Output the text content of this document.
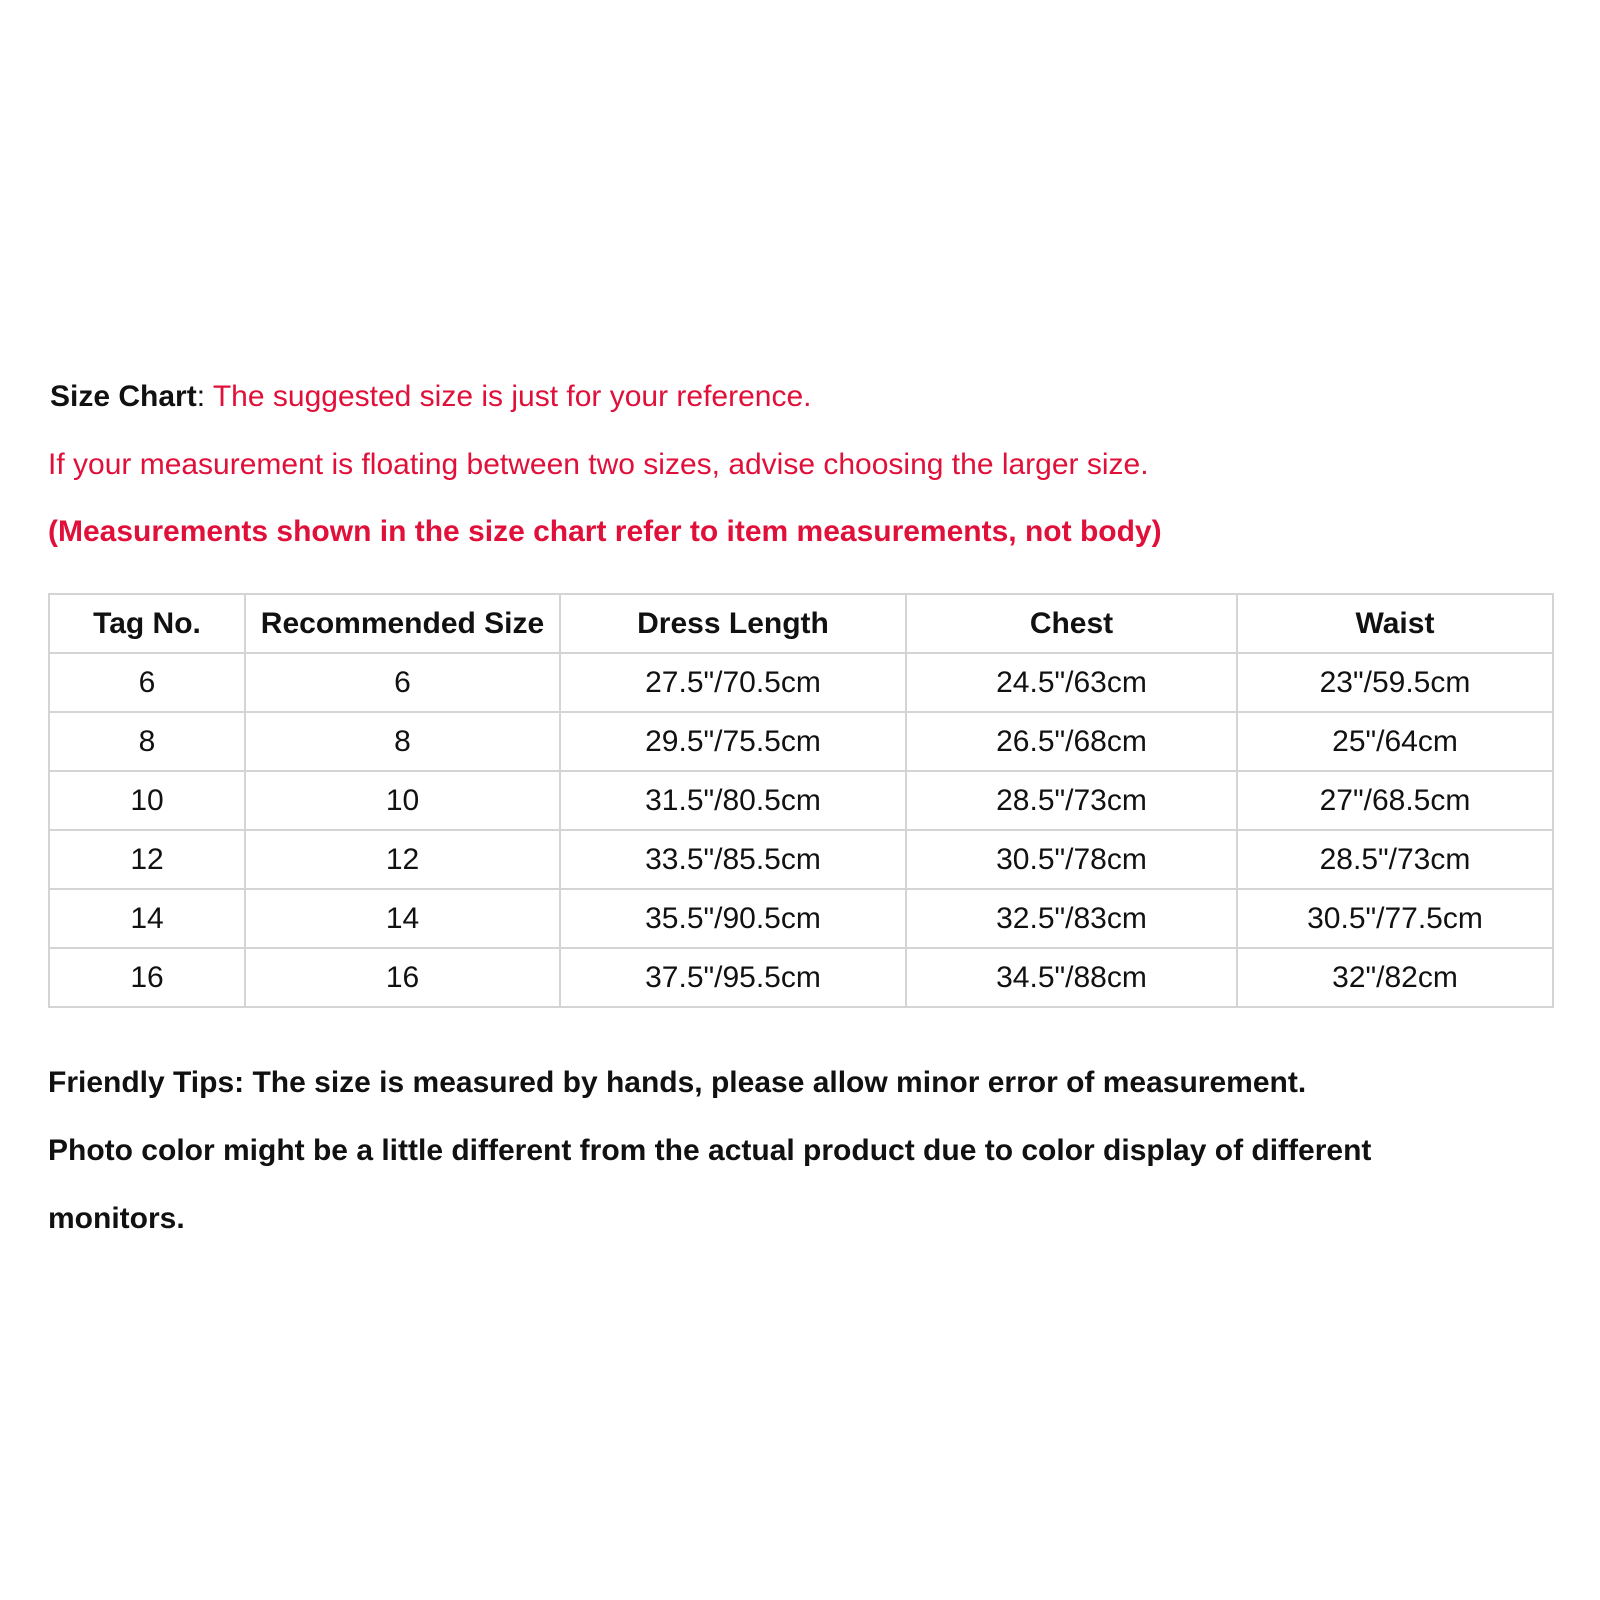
Size Chart: The suggested size is just for your reference.

If your measurement is floating between two sizes, advise choosing the larger size.

(Measurements shown in the size chart refer to item measurements, not body)

Tag No.	Recommended Size	Dress Length	Chest	Waist
6	6	27.5"/70.5cm	24.5"/63cm	23"/59.5cm
8	8	29.5"/75.5cm	26.5"/68cm	25"/64cm
10	10	31.5"/80.5cm	28.5"/73cm	27"/68.5cm
12	12	33.5"/85.5cm	30.5"/78cm	28.5"/73cm
14	14	35.5"/90.5cm	32.5"/83cm	30.5"/77.5cm
16	16	37.5"/95.5cm	34.5"/88cm	32"/82cm
Friendly Tips: The size is measured by hands, please allow minor error of measurement.
Photo color might be a little different from the actual product due to color display of different
monitors.
